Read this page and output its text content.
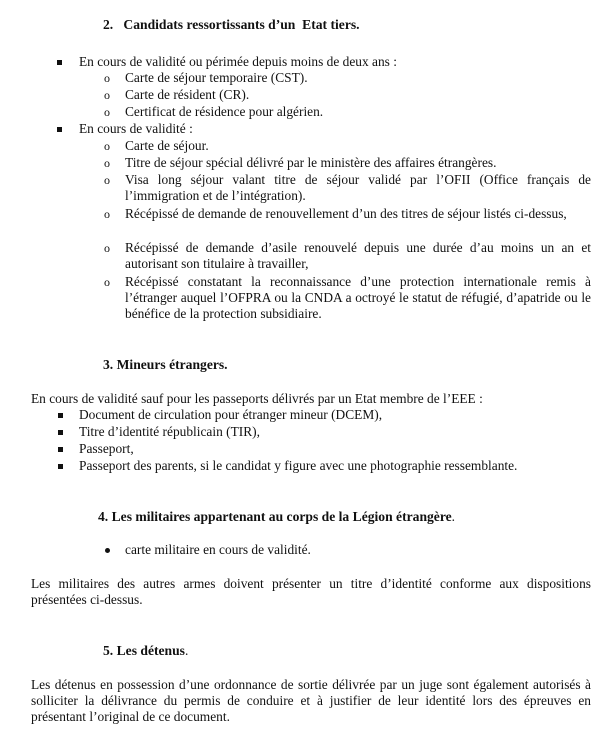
2.   Candidats ressortissants d’un  Etat tiers.
En cours de validité ou périmée depuis moins de deux ans :
o Carte de séjour temporaire (CST).
o Carte de résident (CR).
o Certificat de résidence pour algérien.
En cours de validité :
o Carte de séjour.
o Titre de séjour spécial délivré par le ministère des affaires étrangères.
o Visa long séjour valant titre de séjour validé par l’OFII (Office français de l’immigration et de l’intégration).
o Récépissé de demande de renouvellement d’un des titres de séjour listés ci-dessus,
o Récépissé de demande d’asile renouvelé depuis une durée d’au moins un an et autorisant son titulaire à travailler,
o Récépissé constatant la reconnaissance d’une protection internationale remis à l’étranger auquel l’OFPRA ou la CNDA a octroyé le statut de réfugié, d’apatride ou le bénéfice de la protection subsidiaire.
3. Mineurs étrangers.
En cours de validité sauf pour les passeports délivrés par un Etat membre de l’EEE :
Document de circulation pour étranger mineur (DCEM),
Titre d’identité républicain (TIR),
Passeport,
Passeport des parents, si le candidat y figure avec une photographie ressemblante.
4. Les militaires appartenant au corps de la Légion étrangère.
carte militaire en cours de validité.
Les militaires des autres armes doivent présenter un titre d’identité conforme aux dispositions présentées ci-dessus.
5. Les détenus.
Les détenus en possession d’une ordonnance de sortie délivrée par un juge sont également autorisés à solliciter la délivrance du permis de conduire et à justifier de leur identité lors des épreuves en présentant l’original de ce document.
